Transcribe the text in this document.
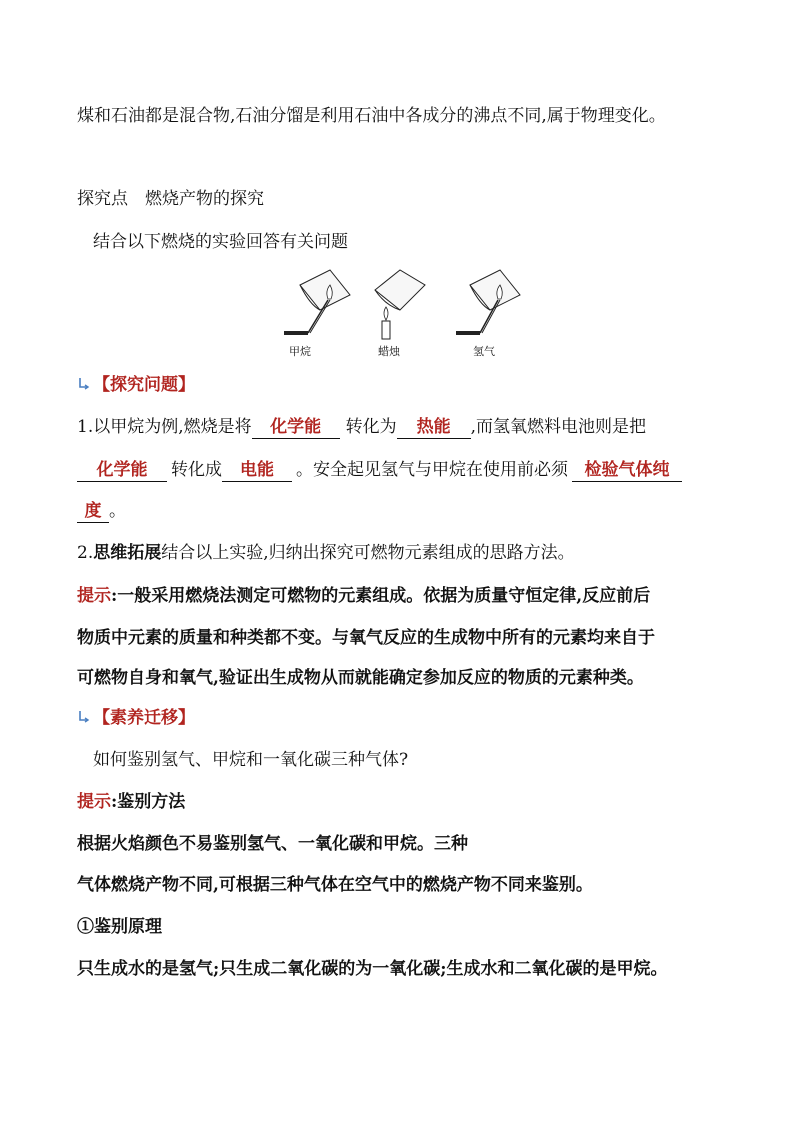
煤和石油都是混合物,石油分馏是利用石油中各成分的沸点不同,属于物理变化。
探究点　燃烧产物的探究
结合以下燃烧的实验回答有关问题
甲烷	蜡烛	氢气
【探究问题】
1.以甲烷为例,燃烧是将 化学能 转化为 热能 ,而氢氧燃料电池则是把
化学能 转化成 电能 。安全起见氢气与甲烷在使用前必须 检验气体纯
度 。
2.思维拓展结合以上实验,归纳出探究可燃物元素组成的思路方法。
提示:一般采用燃烧法测定可燃物的元素组成。依据为质量守恒定律,反应前后
物质中元素的质量和种类都不变。与氧气反应的生成物中所有的元素均来自于
可燃物自身和氧气,验证出生成物从而就能确定参加反应的物质的元素种类。
【素养迁移】
如何鉴别氢气、甲烷和一氧化碳三种气体?
提示:鉴别方法
根据火焰颜色不易鉴别氢气、一氧化碳和甲烷。三种
气体燃烧产物不同,可根据三种气体在空气中的燃烧产物不同来鉴别。
①鉴别原理
只生成水的是氢气;只生成二氧化碳的为一氧化碳;生成水和二氧化碳的是甲烷。
